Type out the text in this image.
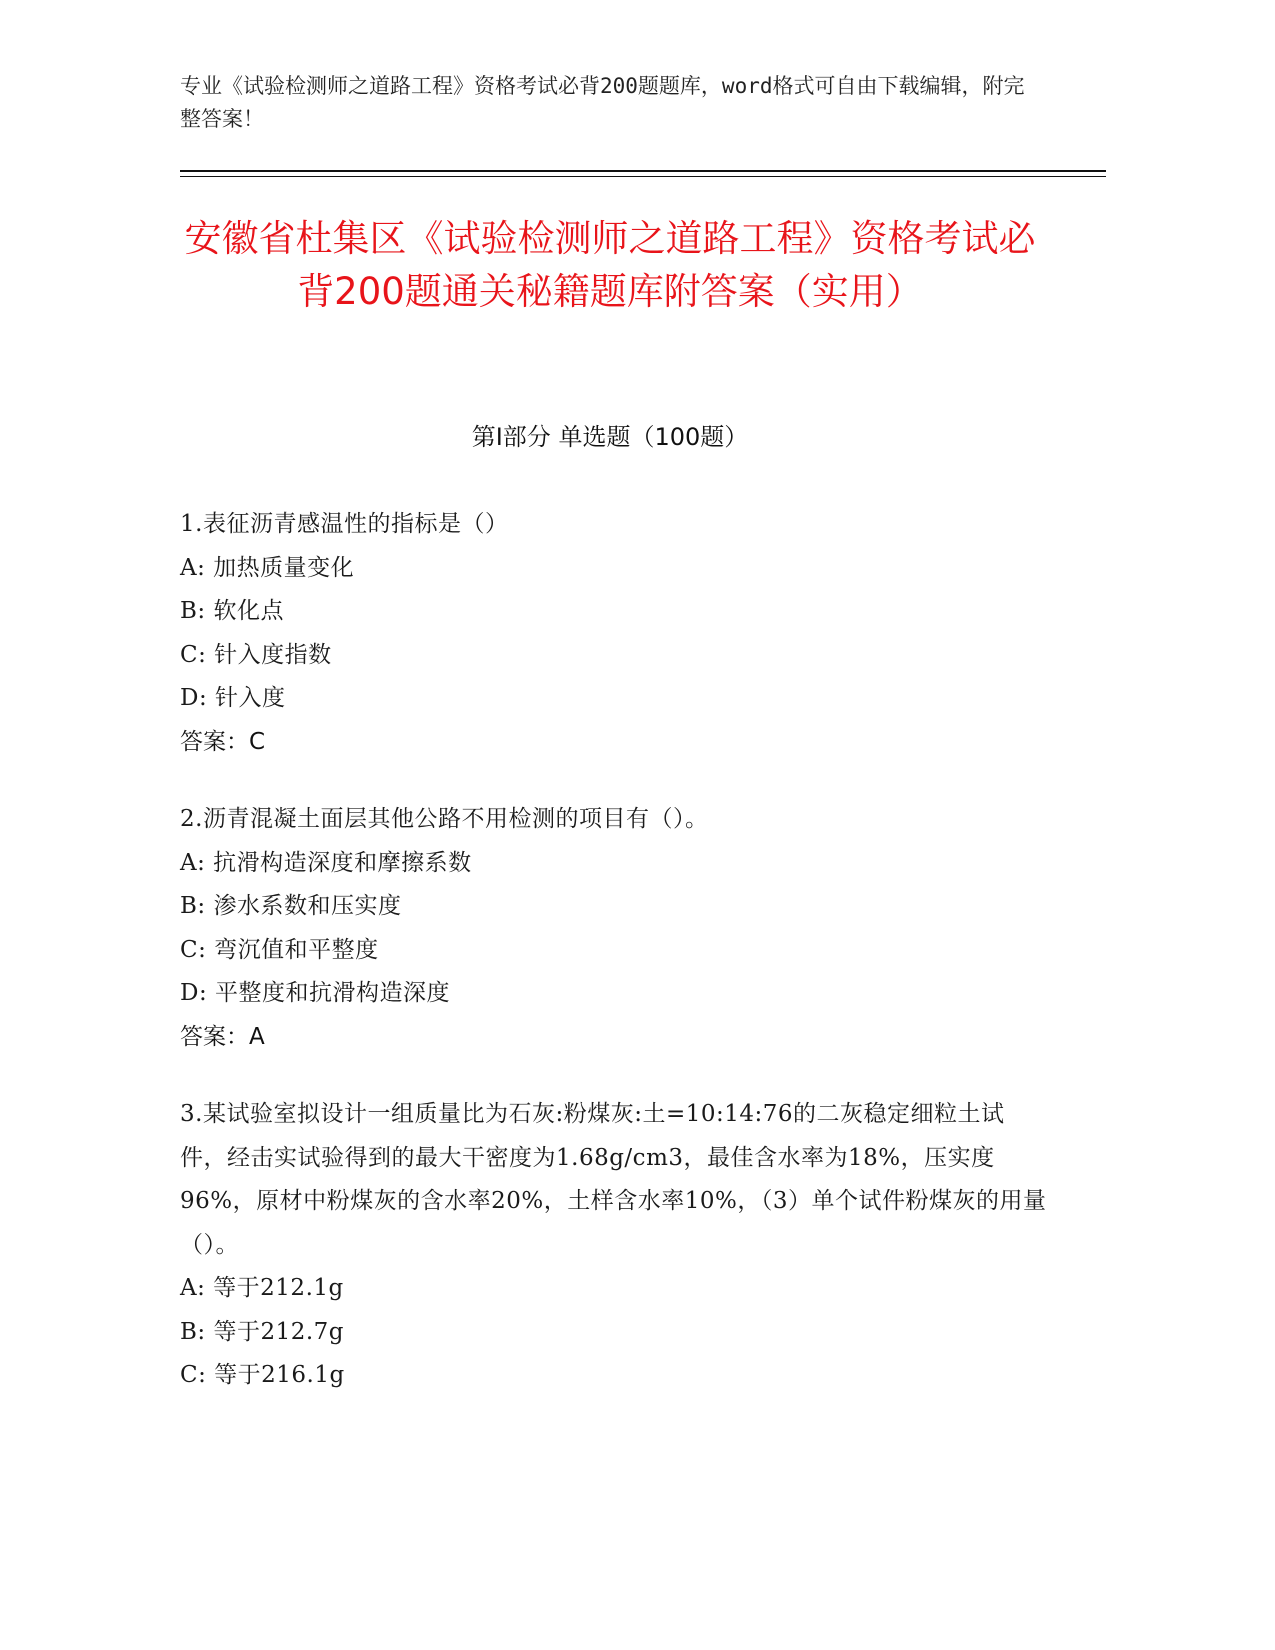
专业《试验检测师之道路工程》资格考试必背200题题库，word格式可自由下载编辑，附完整答案！
安徽省杜集区《试验检测师之道路工程》资格考试必背200题通关秘籍题库附答案（实用）
第Ⅰ部分 单选题（100题）
1.表征沥青感温性的指标是（）
A: 加热质量变化
B: 软化点
C: 针入度指数
D: 针入度
答案：C
2.沥青混凝土面层其他公路不用检测的项目有（）。
A: 抗滑构造深度和摩擦系数
B: 渗水系数和压实度
C: 弯沉值和平整度
D: 平整度和抗滑构造深度
答案：A
3.某试验室拟设计一组质量比为石灰:粉煤灰:土=10:14:76的二灰稳定细粒土试件，经击实试验得到的最大干密度为1.68g/cm3，最佳含水率为18%，压实度96%，原材中粉煤灰的含水率20%，土样含水率10%，（3）单个试件粉煤灰的用量（）。
A: 等于212.1g
B: 等于212.7g
C: 等于216.1g
